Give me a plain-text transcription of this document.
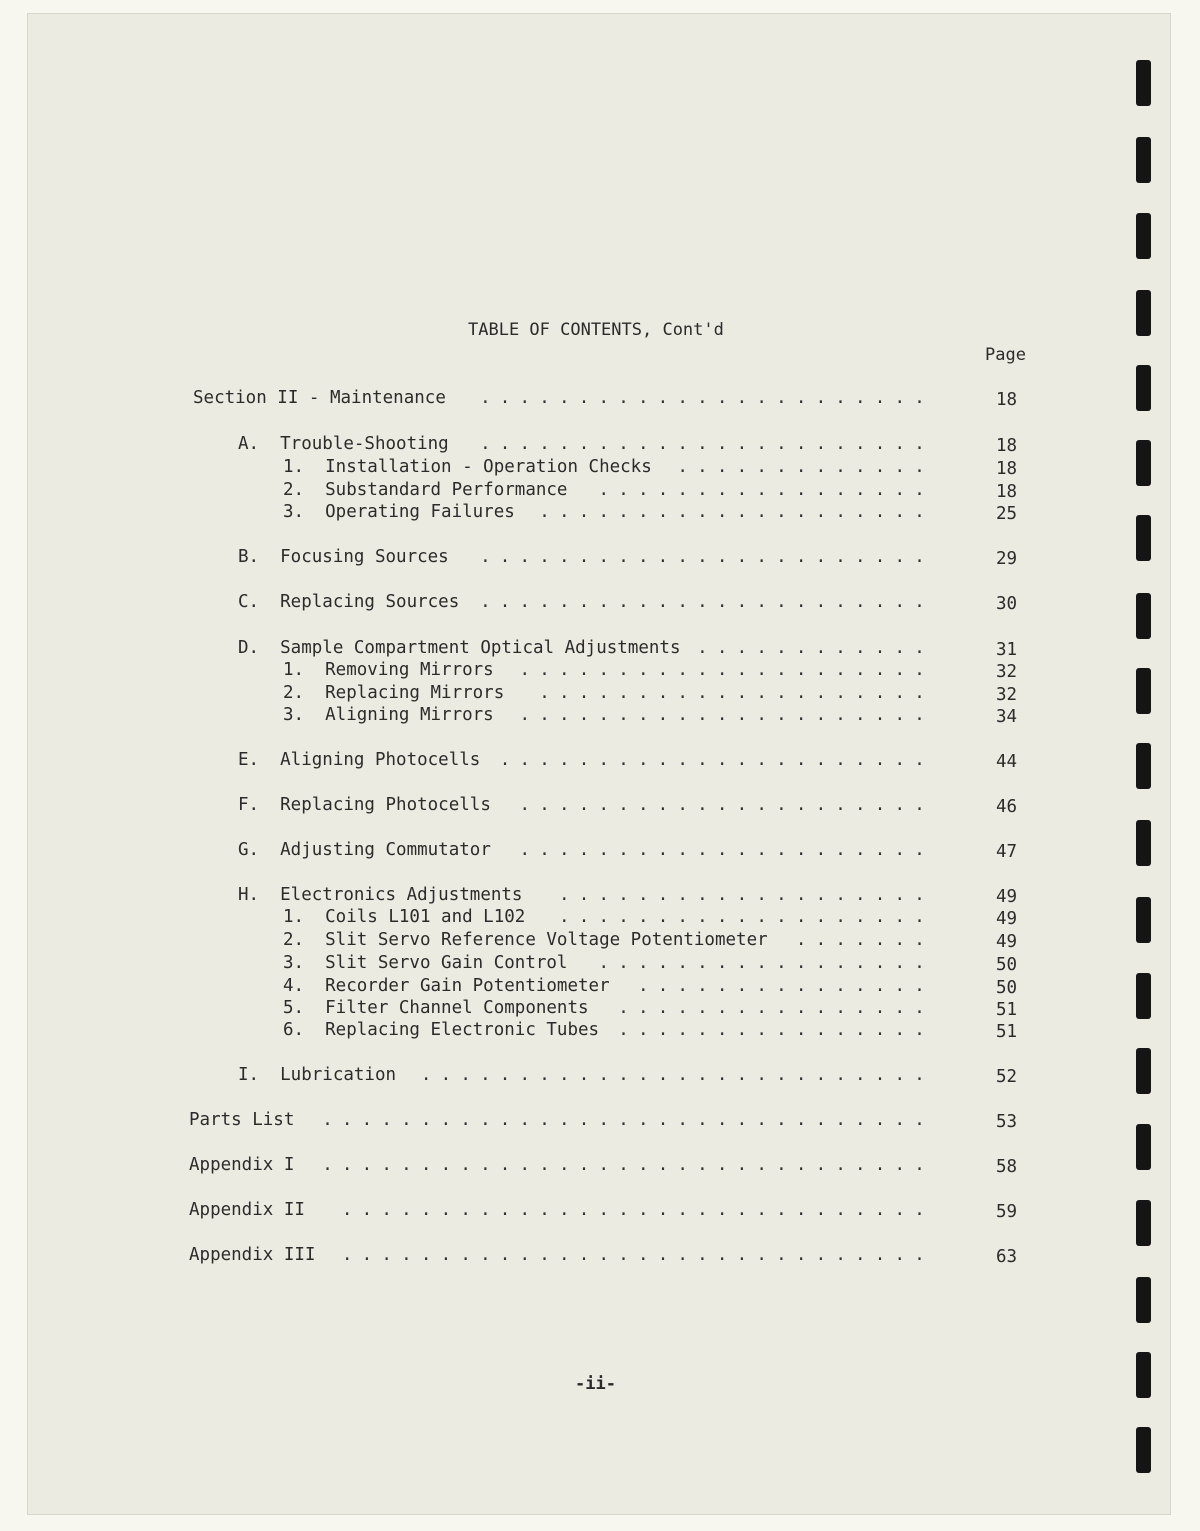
TABLE OF CONTENTS, Cont'd
Page
Section II - Maintenance .......................	18
A.  Trouble-Shooting .......................	18
1.  Installation - Operation Checks .............	18
2.  Substandard Performance .................	18
3.  Operating Failures ....................	25
B.  Focusing Sources .......................	29
C.  Replacing Sources .......................	30
D.  Sample Compartment Optical Adjustments ............	31
1.  Removing Mirrors .....................	32
2.  Replacing Mirrors ....................	32
3.  Aligning Mirrors .....................	34
E.  Aligning Photocells ......................	44
F.  Replacing Photocells .....................	46
G.  Adjusting Commutator .....................	47
H.  Electronics Adjustments ...................	49
1.  Coils L101 and L102 ...................	49
2.  Slit Servo Reference Voltage Potentiometer .......	49
3.  Slit Servo Gain Control .................	50
4.  Recorder Gain Potentiometer ...............	50
5.  Filter Channel Components ................	51
6.  Replacing Electronic Tubes ................	51
I.  Lubrication ..........................	52
Parts List ...............................	53
Appendix I ...............................	58
Appendix II ..............................	59
Appendix III ..............................	63
-ii-
